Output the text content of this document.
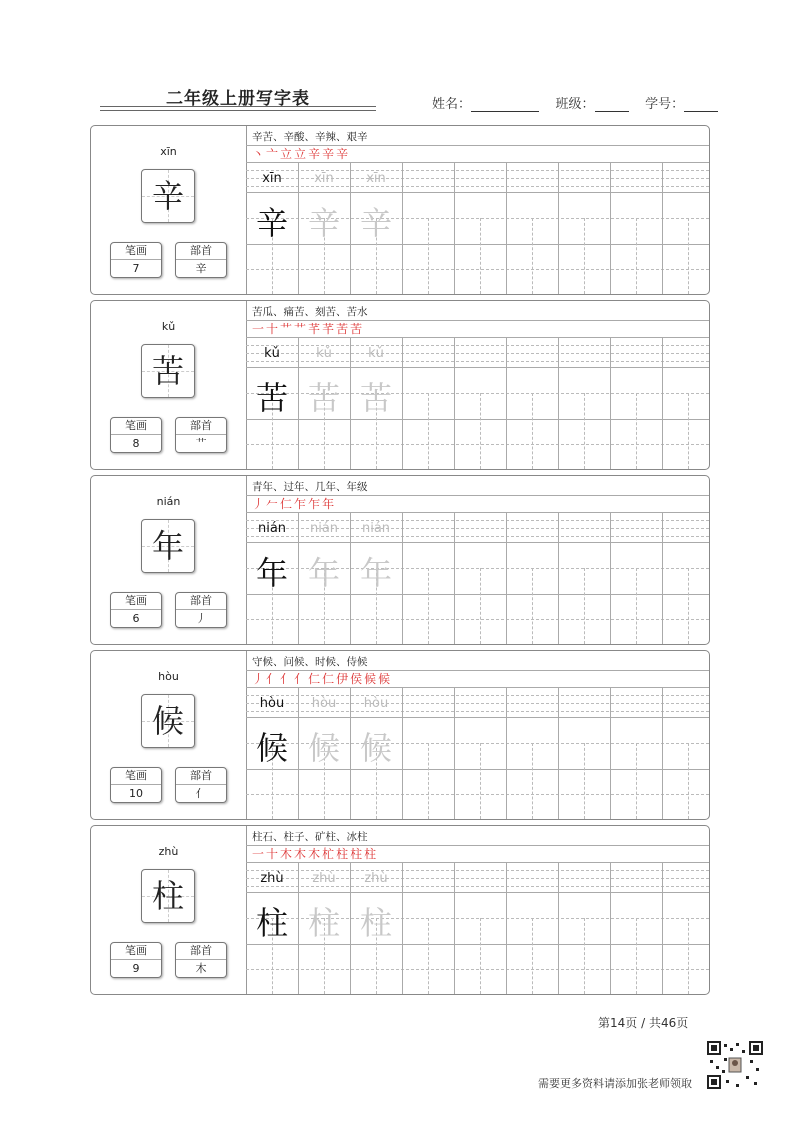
二年级上册写字表	姓名：	班级：	学号：
xīn
辛
笔画
7
部首
辛
辛苦、辛酸、辛辣、艰辛
丶亠立立辛辛辛
xīn	xīn	xīn
辛 辛 辛
kǔ
苦
笔画
8
部首
艹
苦瓜、痛苦、刻苦、苦水
一十艹艹芊芊苦苦
kǔ	kǔ	kǔ
苦 苦 苦
nián
年
笔画
6
部首
丿
青年、过年、几年、年级
丿𠂉仁乍乍年
nián	nián	nián
年 年 年
hòu
候
笔画
10
部首
亻
守候、问候、时候、侍候
丿亻亻亻仁仁伊侯候候
hòu	hòu	hòu
候 候 候
zhù
柱
笔画
9
部首
木
柱石、柱子、矿柱、冰柱
一十木木木杧柱柱柱
zhù	zhù	zhù
柱 柱 柱
第14页 / 共46页
需要更多资料请添加张老师领取
